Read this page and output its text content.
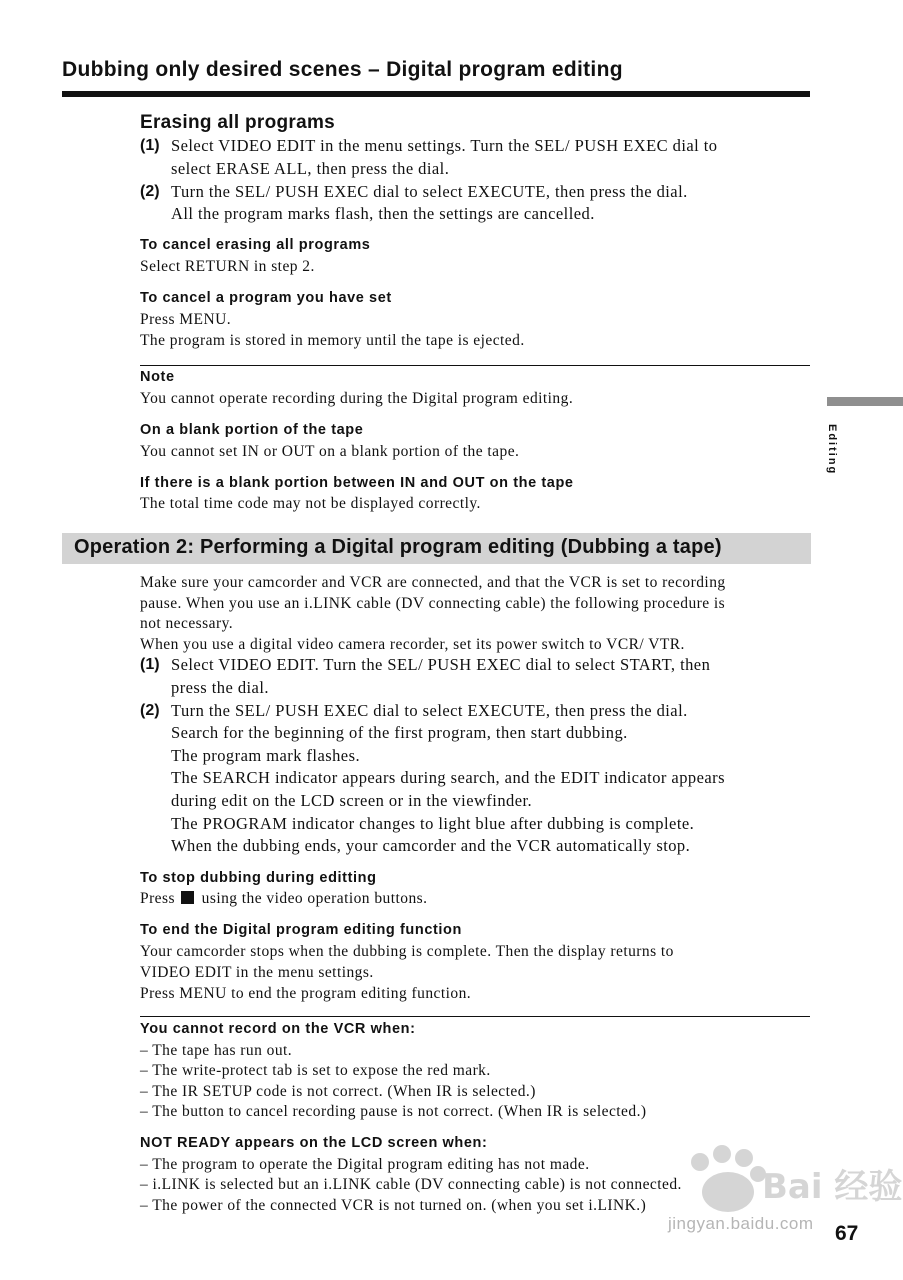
Dubbing only desired scenes – Digital program editing
Editing
Erasing all programs
(1) Select VIDEO EDIT in the menu settings. Turn the SEL/ PUSH EXEC dial to
select ERASE ALL, then press the dial.
(2) Turn the SEL/ PUSH EXEC dial to select EXECUTE, then press the dial.
All the program marks flash, then the settings are cancelled.
To cancel erasing all programs
Select RETURN in step 2.
To cancel a program you have set
Press MENU.
The program is stored in memory until the tape is ejected.
Note
You cannot operate recording during the Digital program editing.
On a blank portion of the tape
You cannot set IN or OUT on a blank portion of the tape.
If there is a blank portion between IN and OUT on the tape
The total time code may not be displayed correctly.
Operation 2: Performing a Digital program editing (Dubbing a tape)
Make sure your camcorder and VCR are connected, and that the VCR is set to recording
pause. When you use an i.LINK cable (DV connecting cable) the following procedure is
not necessary.
When you use a digital video camera recorder, set its power switch to VCR/ VTR.
(1) Select VIDEO EDIT. Turn the SEL/ PUSH EXEC dial to select START, then
press the dial.
(2) Turn the SEL/ PUSH EXEC dial to select EXECUTE, then press the dial.
Search for the beginning of the first program, then start dubbing.
The program mark flashes.
The SEARCH indicator appears during search, and the EDIT indicator appears
during edit on the LCD screen or in the viewfinder.
The PROGRAM indicator changes to light blue after dubbing is complete.
When the dubbing ends, your camcorder and the VCR automatically stop.
To stop dubbing during editting
Press using the video operation buttons.
To end the Digital program editing function
Your camcorder stops when the dubbing is complete. Then the display returns to
VIDEO EDIT in the menu settings.
Press MENU to end the program editing function.
You cannot record on the VCR when:
– The tape has run out.
– The write-protect tab is set to expose the red mark.
– The IR SETUP code is not correct. (When IR is selected.)
– The button to cancel recording pause is not correct. (When IR is selected.)
NOT READY appears on the LCD screen when:
– The program to operate the Digital program editing has not made.
– i.LINK is selected but an i.LINK cable (DV connecting cable) is not connected.
– The power of the connected VCR is not turned on. (when you set i.LINK.)	Bai 经验
jingyan.baidu.com 67
